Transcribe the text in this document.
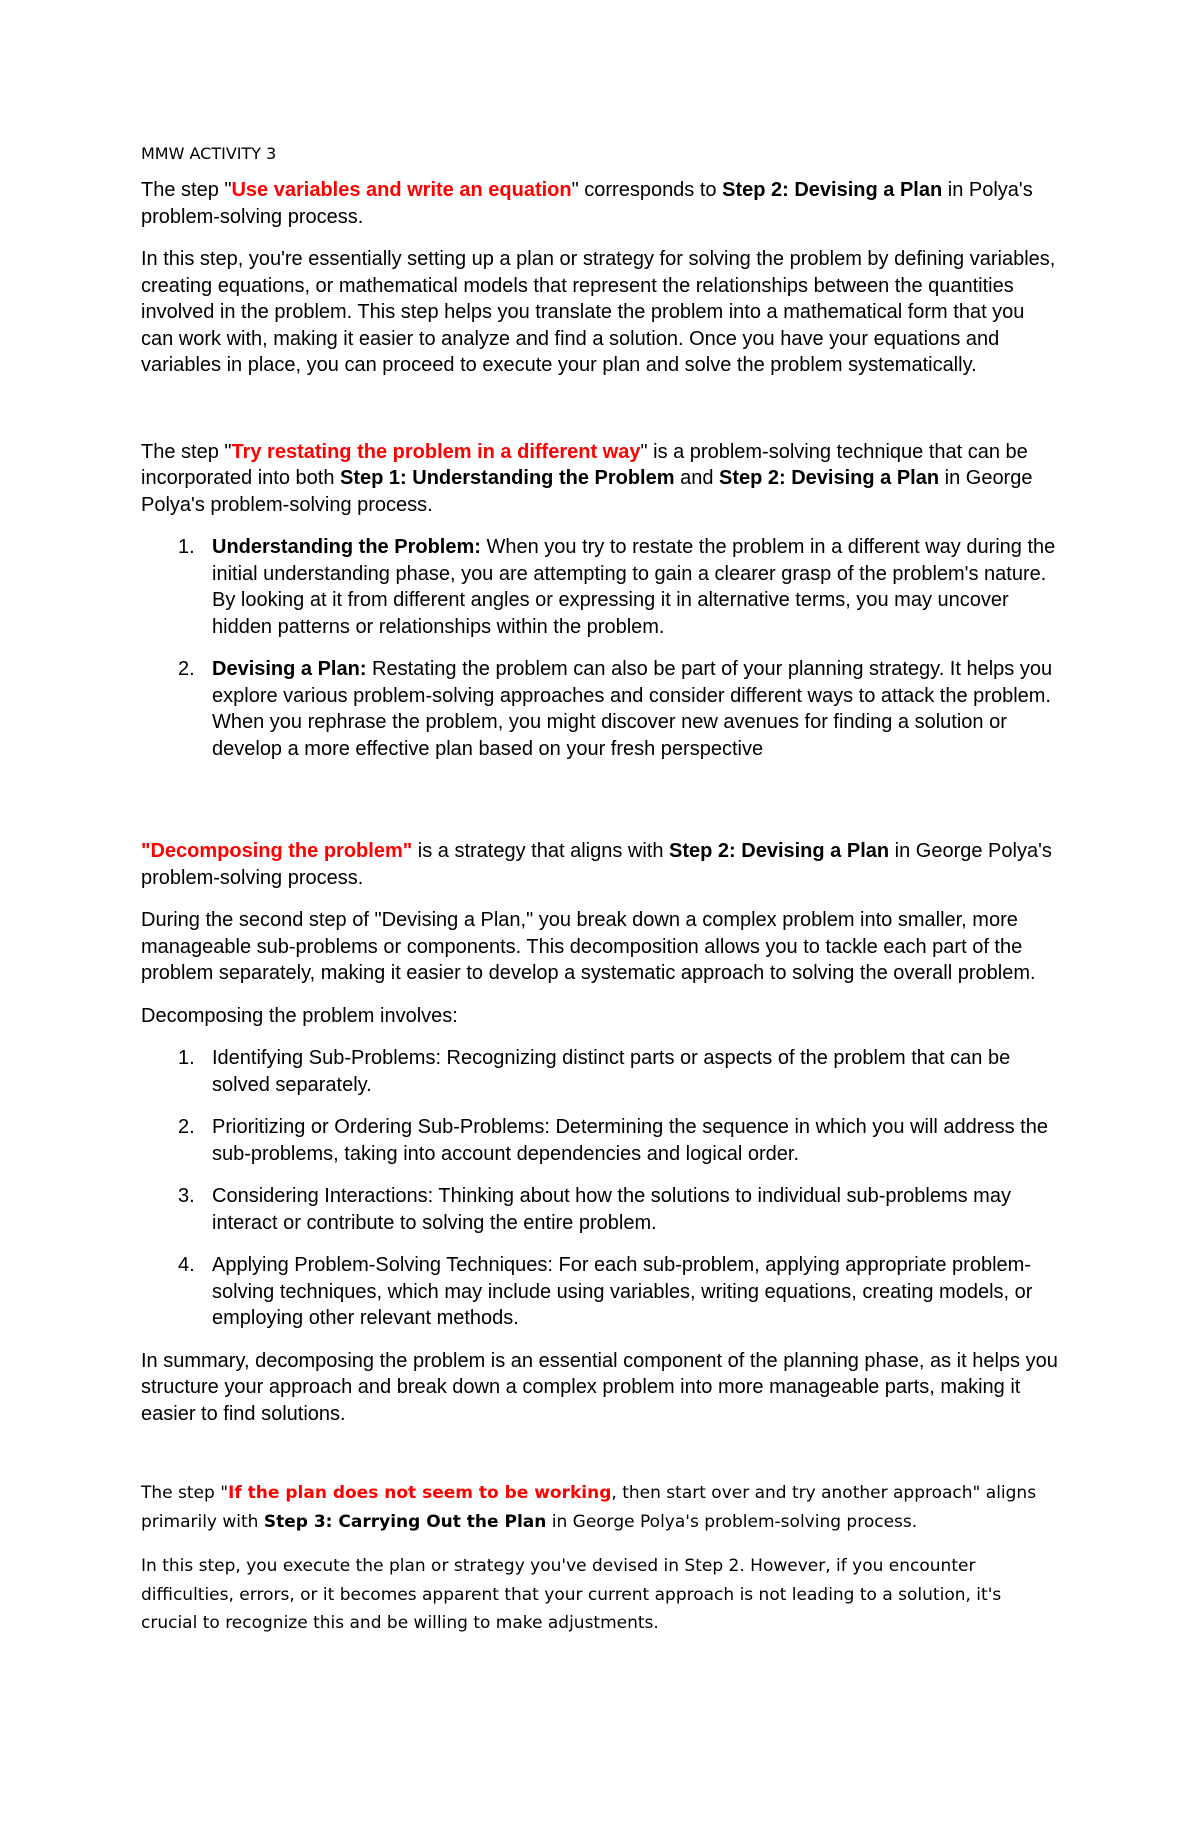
MMW ACTIVITY 3

The step "Use variables and write an equation" corresponds to Step 2: Devising a Plan in Polya's problem-solving process.

In this step, you're essentially setting up a plan or strategy for solving the problem by defining variables, creating equations, or mathematical models that represent the relationships between the quantities involved in the problem. This step helps you translate the problem into a mathematical form that you can work with, making it easier to analyze and find a solution. Once you have your equations and variables in place, you can proceed to execute your plan and solve the problem systematically.

The step "Try restating the problem in a different way" is a problem-solving technique that can be incorporated into both Step 1: Understanding the Problem and Step 2: Devising a Plan in George Polya's problem-solving process.

1. Understanding the Problem: When you try to restate the problem in a different way during the initial understanding phase, you are attempting to gain a clearer grasp of the problem's nature. By looking at it from different angles or expressing it in alternative terms, you may uncover hidden patterns or relationships within the problem.
2. Devising a Plan: Restating the problem can also be part of your planning strategy. It helps you explore various problem-solving approaches and consider different ways to attack the problem. When you rephrase the problem, you might discover new avenues for finding a solution or develop a more effective plan based on your fresh perspective

"Decomposing the problem" is a strategy that aligns with Step 2: Devising a Plan in George Polya's problem-solving process.

During the second step of "Devising a Plan," you break down a complex problem into smaller, more manageable sub-problems or components. This decomposition allows you to tackle each part of the problem separately, making it easier to develop a systematic approach to solving the overall problem.

Decomposing the problem involves:

1. Identifying Sub-Problems: Recognizing distinct parts or aspects of the problem that can be solved separately.
2. Prioritizing or Ordering Sub-Problems: Determining the sequence in which you will address the sub-problems, taking into account dependencies and logical order.
3. Considering Interactions: Thinking about how the solutions to individual sub-problems may interact or contribute to solving the entire problem.
4. Applying Problem-Solving Techniques: For each sub-problem, applying appropriate problem-solving techniques, which may include using variables, writing equations, creating models, or employing other relevant methods.

In summary, decomposing the problem is an essential component of the planning phase, as it helps you structure your approach and break down a complex problem into more manageable parts, making it easier to find solutions.

The step "If the plan does not seem to be working, then start over and try another approach" aligns primarily with Step 3: Carrying Out the Plan in George Polya's problem-solving process.

In this step, you execute the plan or strategy you've devised in Step 2. However, if you encounter difficulties, errors, or it becomes apparent that your current approach is not leading to a solution, it's crucial to recognize this and be willing to make adjustments.
